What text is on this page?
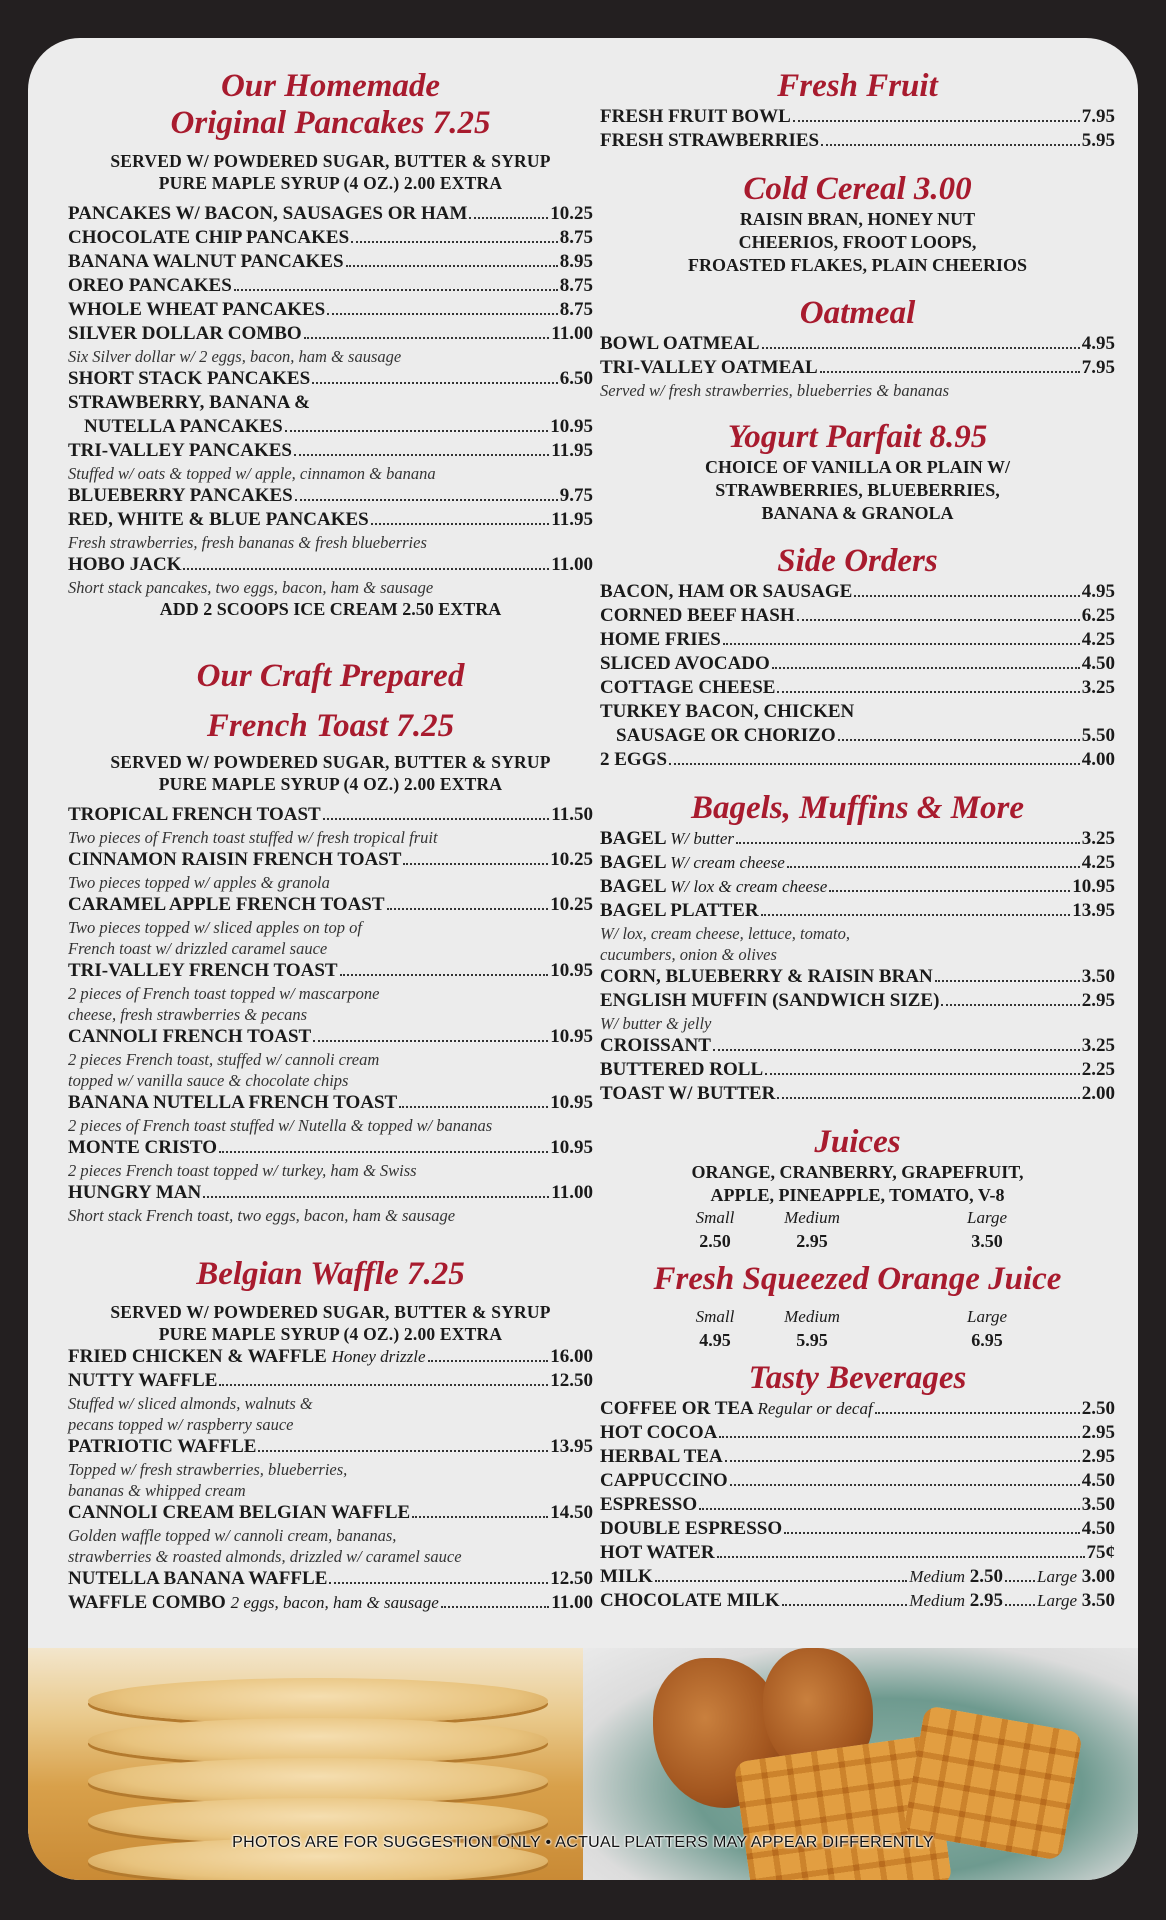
Our Homemade
Original Pancakes 7.25
SERVED W/ POWDERED SUGAR, BUTTER & SYRUP
PURE MAPLE SYRUP (4 OZ.) 2.00 EXTRA
PANCAKES W/ BACON, SAUSAGES OR HAM	10.25
CHOCOLATE CHIP PANCAKES	8.75
BANANA WALNUT PANCAKES	8.95
OREO PANCAKES	8.75
WHOLE WHEAT PANCAKES	8.75
SILVER DOLLAR COMBO	11.00
Six Silver dollar w/ 2 eggs, bacon, ham & sausage
SHORT STACK PANCAKES	6.50
STRAWBERRY, BANANA &
NUTELLA PANCAKES	10.95
TRI-VALLEY PANCAKES	11.95
Stuffed w/ oats & topped w/ apple, cinnamon & banana
BLUEBERRY PANCAKES	9.75
RED, WHITE & BLUE PANCAKES	11.95
Fresh strawberries, fresh bananas & fresh blueberries
HOBO JACK	11.00
Short stack pancakes, two eggs, bacon, ham & sausage
ADD 2 SCOOPS ICE CREAM 2.50 EXTRA
Our Craft Prepared
French Toast 7.25
SERVED W/ POWDERED SUGAR, BUTTER & SYRUP
PURE MAPLE SYRUP (4 OZ.) 2.00 EXTRA
TROPICAL FRENCH TOAST	11.50
Two pieces of French toast stuffed w/ fresh tropical fruit
CINNAMON RAISIN FRENCH TOAST	10.25
Two pieces topped w/ apples & granola
CARAMEL APPLE FRENCH TOAST	10.25
Two pieces topped w/ sliced apples on top of
French toast w/ drizzled caramel sauce
TRI-VALLEY FRENCH TOAST	10.95
2 pieces of French toast topped w/ mascarpone
cheese, fresh strawberries & pecans
CANNOLI FRENCH TOAST	10.95
2 pieces French toast, stuffed w/ cannoli cream
topped w/ vanilla sauce & chocolate chips
BANANA NUTELLA FRENCH TOAST	10.95
2 pieces of French toast stuffed w/ Nutella & topped w/ bananas
MONTE CRISTO	10.95
2 pieces French toast topped w/ turkey, ham & Swiss
HUNGRY MAN	11.00
Short stack French toast, two eggs, bacon, ham & sausage
Belgian Waffle 7.25
SERVED W/ POWDERED SUGAR, BUTTER & SYRUP
PURE MAPLE SYRUP (4 OZ.) 2.00 EXTRA
FRIED CHICKEN & WAFFLE Honey drizzle	16.00
NUTTY WAFFLE	12.50
Stuffed w/ sliced almonds, walnuts &
pecans topped w/ raspberry sauce
PATRIOTIC WAFFLE	13.95
Topped w/ fresh strawberries, blueberries,
bananas & whipped cream
CANNOLI CREAM BELGIAN WAFFLE	14.50
Golden waffle topped w/ cannoli cream, bananas,
strawberries & roasted almonds, drizzled w/ caramel sauce
NUTELLA BANANA WAFFLE	12.50
WAFFLE COMBO 2 eggs, bacon, ham & sausage	11.00
Fresh Fruit
FRESH FRUIT BOWL	7.95
FRESH STRAWBERRIES	5.95
Cold Cereal 3.00
RAISIN BRAN, HONEY NUT
CHEERIOS, FROOT LOOPS,
FROASTED FLAKES, PLAIN CHEERIOS
Oatmeal
BOWL OATMEAL	4.95
TRI-VALLEY OATMEAL	7.95
Served w/ fresh strawberries, blueberries & bananas
Yogurt Parfait 8.95
CHOICE OF VANILLA OR PLAIN W/
STRAWBERRIES, BLUEBERRIES,
BANANA & GRANOLA
Side Orders
BACON, HAM OR SAUSAGE	4.95
CORNED BEEF HASH	6.25
HOME FRIES	4.25
SLICED AVOCADO	4.50
COTTAGE CHEESE	3.25
TURKEY BACON, CHICKEN
SAUSAGE OR CHORIZO	5.50
2 EGGS	4.00
Bagels, Muffins & More
BAGEL W/ butter	3.25
BAGEL W/ cream cheese	4.25
BAGEL W/ lox & cream cheese	10.95
BAGEL PLATTER	13.95
W/ lox, cream cheese, lettuce, tomato,
cucumbers, onion & olives
CORN, BLUEBERRY & RAISIN BRAN	3.50
ENGLISH MUFFIN (SANDWICH SIZE)	2.95
W/ butter & jelly
CROISSANT	3.25
BUTTERED ROLL	2.25
TOAST W/ BUTTER	2.00
Juices
ORANGE, CRANBERRY, GRAPEFRUIT,
APPLE, PINEAPPLE, TOMATO, V-8
Small
2.50
Medium
2.95
Large
3.50
Fresh Squeezed Orange Juice
Small
4.95
Medium
5.95
Large
6.95
Tasty Beverages
COFFEE OR TEA Regular or decaf	2.50
HOT COCOA	2.95
HERBAL TEA	2.95
CAPPUCCINO	4.50
ESPRESSO	3.50
DOUBLE ESPRESSO	4.50
HOT WATER	75¢
MILK	Medium 2.50 Large 3.00
CHOCOLATE MILK	Medium 2.95 Large 3.50
PHOTOS ARE FOR SUGGESTION ONLY • ACTUAL PLATTERS MAY APPEAR DIFFERENTLY
